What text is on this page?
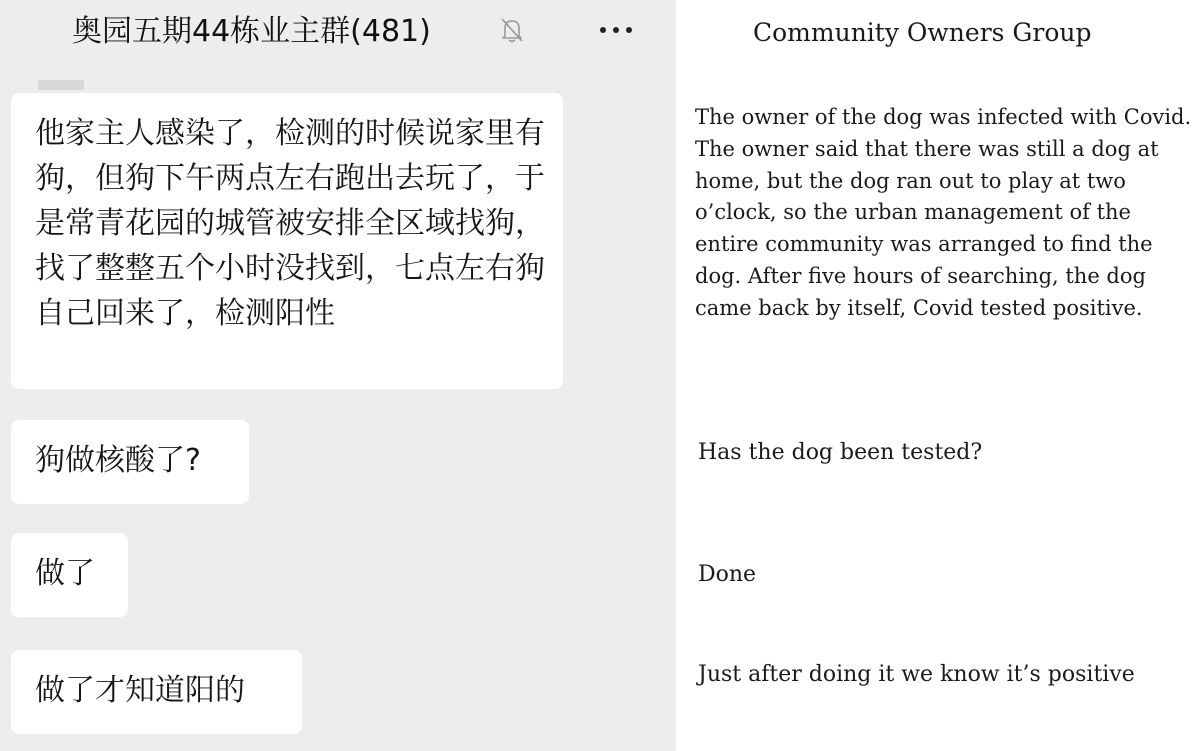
奥园五期44栋业主群(481)
他家主人感染了，检测的时候说家里有狗，但狗下午两点左右跑出去玩了，于是常青花园的城管被安排全区域找狗，找了整整五个小时没找到，七点左右狗自己回来了，检测阳性
狗做核酸了?
做了
做了才知道阳的
Community Owners Group
The owner of the dog was infected with Covid. The owner said that there was still a dog at home, but the dog ran out to play at two o’clock, so the urban management of the entire community was arranged to find the dog. After five hours of searching, the dog came back by itself, Covid tested positive.
Has the dog been tested?
Done
Just after doing it we know it’s positive
